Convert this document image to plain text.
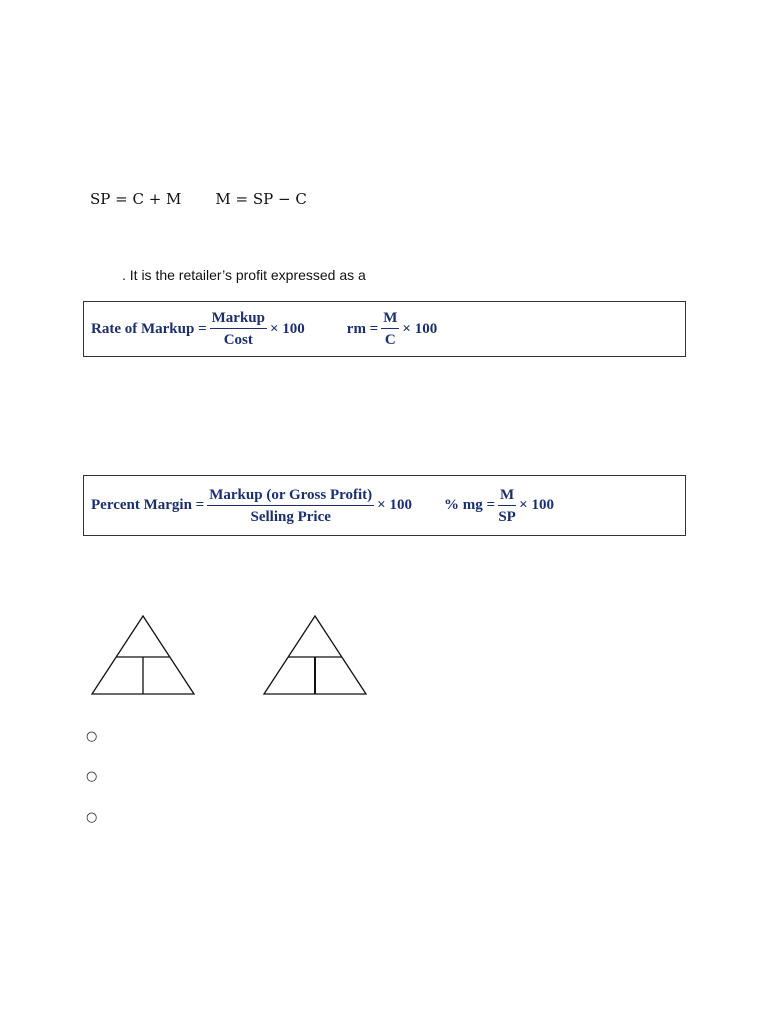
SP = C + M M = SP − C
. It is the retailer’s profit expressed as a
Rate of Markup = $\frac{\text{Markup}}{\text{Cost}} \times 100$	rm = $\frac{M}{C} \times 100$
Percent Margin = $\frac{\text{Markup (or Gross Profit)}}{\text{Selling Price}} \times 100$ % mg = $\frac{M}{SP} \times 100$
○
○
○
